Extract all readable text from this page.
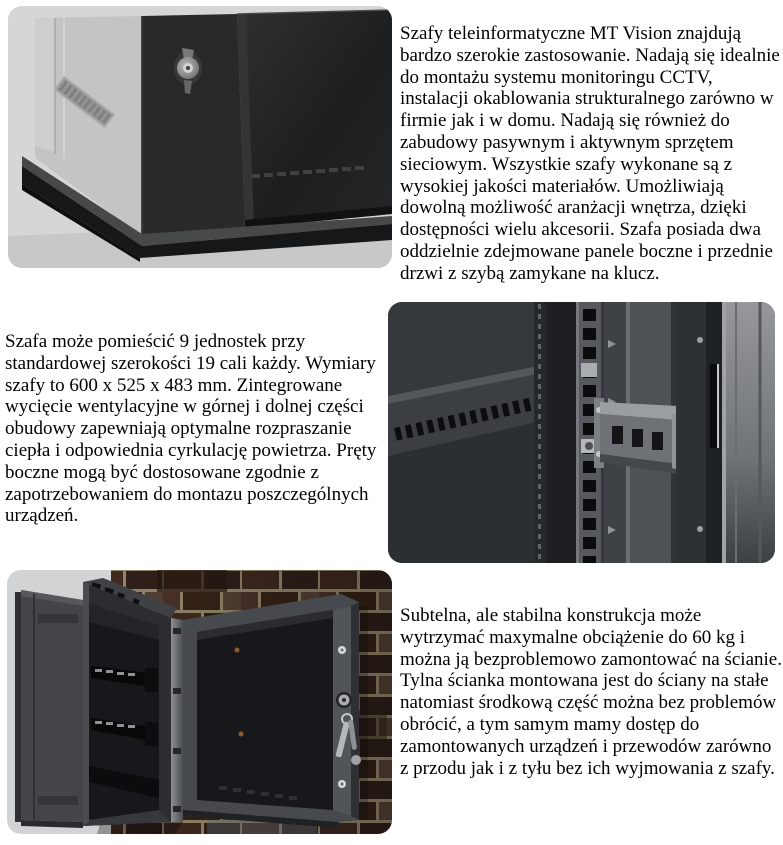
Szafy teleinformatyczne MT Vision znajdują bardzo szerokie zastosowanie. Nadają się idealnie do montażu systemu monitoringu CCTV, instalacji okablowania strukturalnego zarówno w firmie jak i w domu. Nadają się również do zabudowy pasywnym i aktywnym sprzętem sieciowym. Wszystkie szafy wykonane są z wysokiej jakości materiałów. Umożliwiają dowolną możliwość aranżacji wnętrza, dzięki dostępności wielu akcesorii. Szafa posiada dwa oddzielnie zdejmowane panele boczne i przednie drzwi z szybą zamykane na klucz.

Szafa może pomieścić 9 jednostek przy standardowej szerokości 19 cali każdy. Wymiary szafy to 600 x 525 x 483 mm. Zintegrowane wycięcie wentylacyjne w górnej i dolnej części obudowy zapewniają optymalne rozpraszanie ciepła i odpowiednia cyrkulację powietrza. Pręty boczne mogą być dostosowane zgodnie z zapotrzebowaniem do montazu poszczególnych urządzeń.

Subtelna, ale stabilna konstrukcja może wytrzymać maxymalne obciążenie do 60 kg i można ją bezproblemowo zamontować na ścianie. Tylna ścianka montowana jest do ściany na stałe natomiast środkową część można bez problemów obrócić, a tym samym mamy dostęp do zamontowanych urządzeń i przewodów zarówno z przodu jak i z tyłu bez ich wyjmowania z szafy.
